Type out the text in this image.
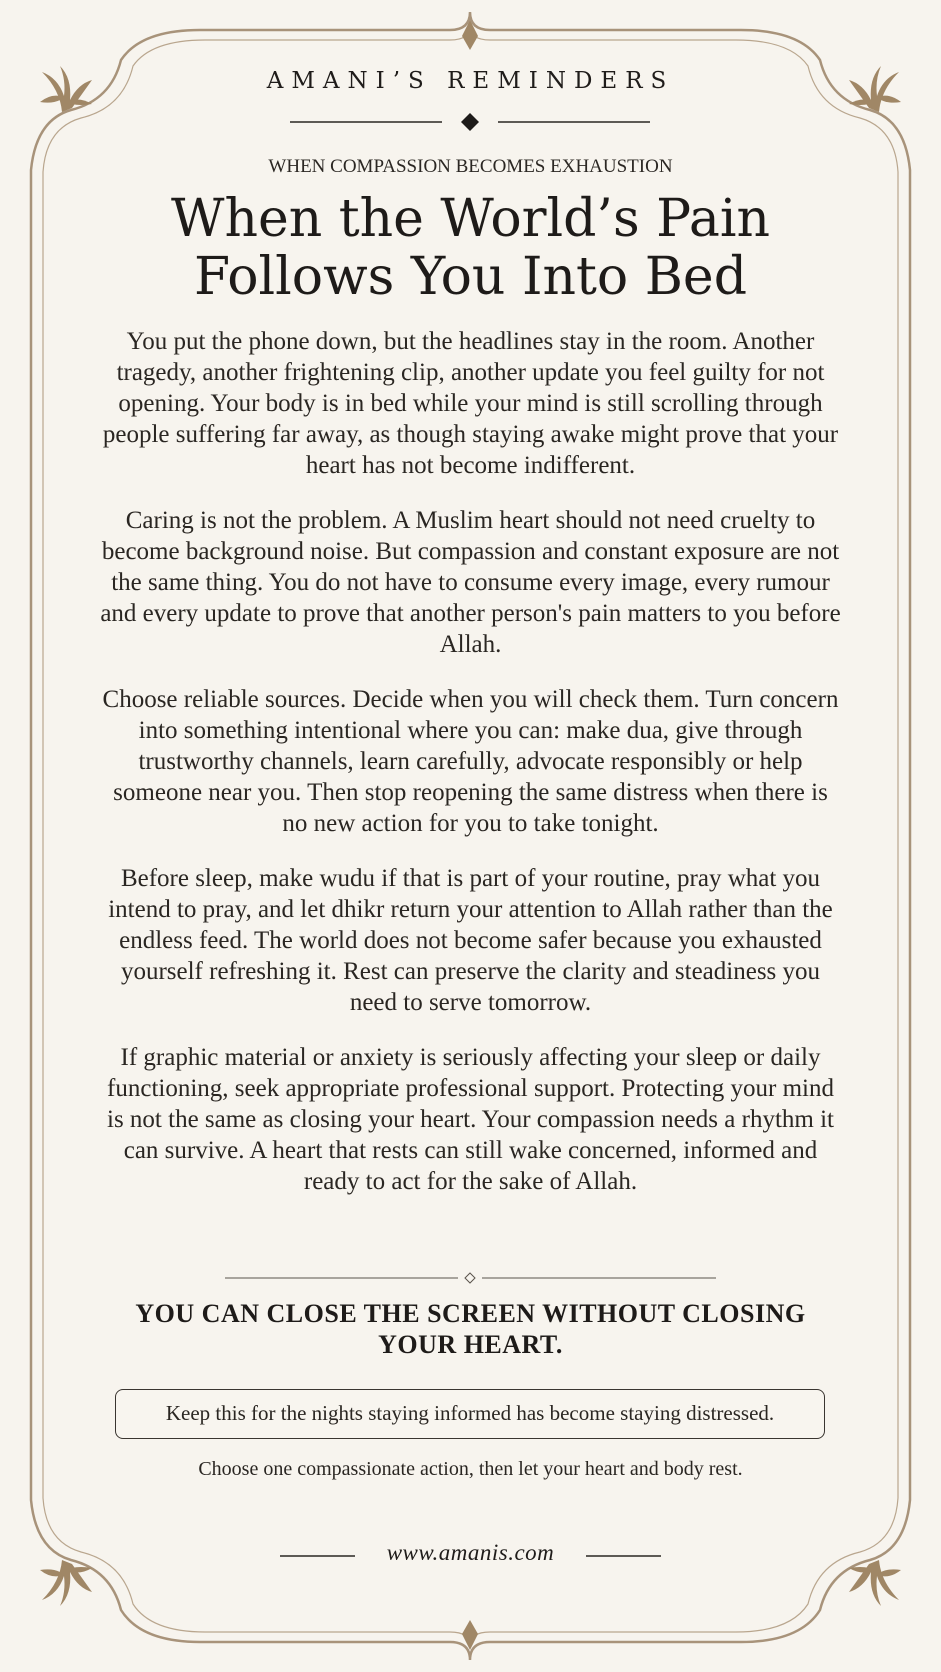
AMANI’S REMINDERS
WHEN COMPASSION BECOMES EXHAUSTION
When the World’s Pain
Follows You Into Bed

You put the phone down, but the headlines stay in the room. Another tragedy, another frightening clip, another update you feel guilty for not opening. Your body is in bed while your mind is still scrolling through people suffering far away, as though staying awake might prove that your heart has not become indifferent.

Caring is not the problem. A Muslim heart should not need cruelty to become background noise. But compassion and constant exposure are not the same thing. You do not have to consume every image, every rumour and every update to prove that another person's pain matters to you before Allah.

Choose reliable sources. Decide when you will check them. Turn concern into something intentional where you can: make dua, give through trustworthy channels, learn carefully, advocate responsibly or help someone near you. Then stop reopening the same distress when there is no new action for you to take tonight.

Before sleep, make wudu if that is part of your routine, pray what you intend to pray, and let dhikr return your attention to Allah rather than the endless feed. The world does not become safer because you exhausted yourself refreshing it. Rest can preserve the clarity and steadiness you need to serve tomorrow.

If graphic material or anxiety is seriously affecting your sleep or daily functioning, seek appropriate professional support. Protecting your mind is not the same as closing your heart. Your compassion needs a rhythm it can survive. A heart that rests can still wake concerned, informed and ready to act for the sake of Allah.

YOU CAN CLOSE THE SCREEN WITHOUT CLOSING YOUR HEART.
Keep this for the nights staying informed has become staying distressed.
Choose one compassionate action, then let your heart and body rest.
www.amanis.com
